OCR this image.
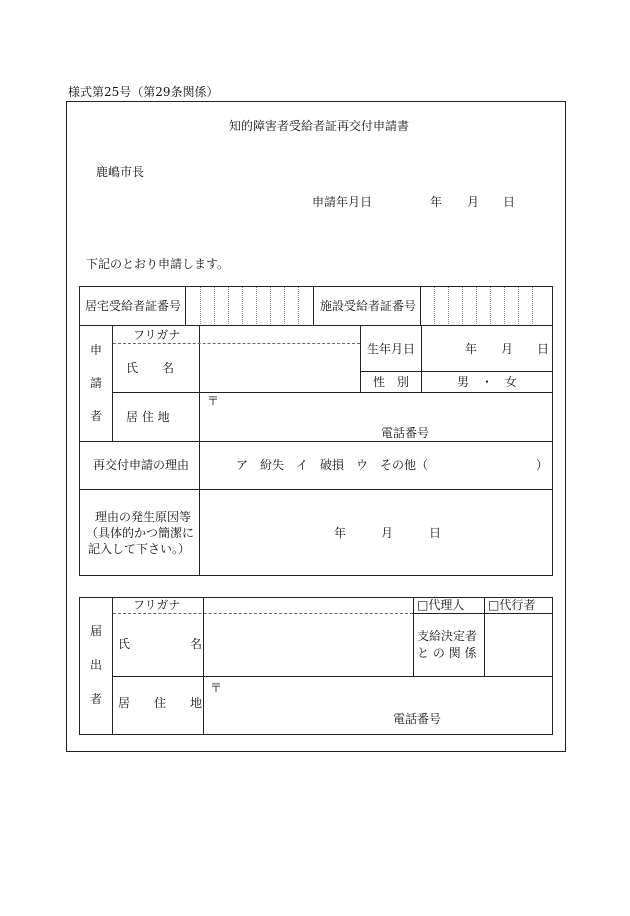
様式第25号（第29条関係）
知的障害者受給者証再交付申請書
鹿嶋市長
申請年月日	年 月 日
下記のとおり申請します。
居宅受給者証番号	施設受給者証番号
申
請
者
フリガナ
氏　　名
生年月日	年 月 日
性　別	男　・　女
居 住 地
〒
電話番号
再交付申請の理由	ア　紛失　イ　破損　ウ　その他（　　　　　　　　　）
理由の発生原因等
（具体的かつ簡潔に
記入して下さい。）
年	月	日
届
出
者
フリガナ
氏　　　　　名
□代理人 □代行者
支給決定者
と の 関 係
居　　住　　地
〒
電話番号
